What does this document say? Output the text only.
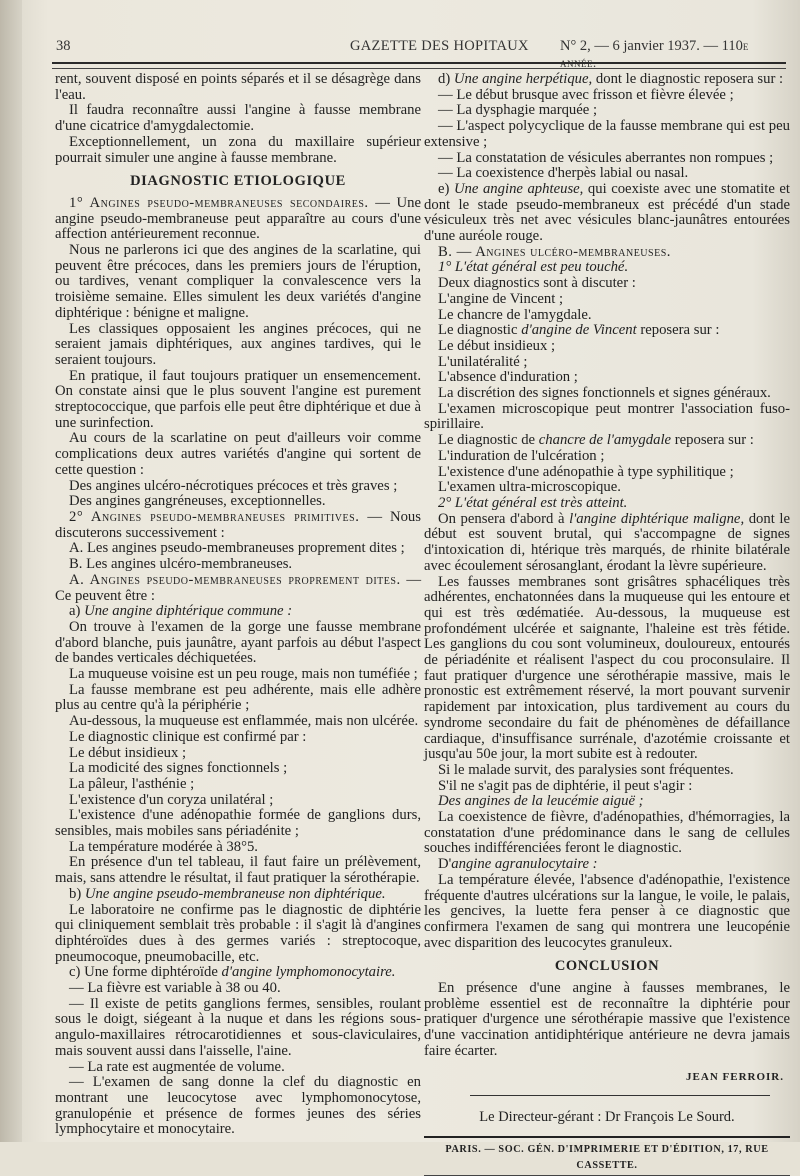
38	GAZETTE DES HOPITAUX N° 2, — 6 janvier 1937. — 110e année.

rent, souvent disposé en points séparés et il se désagrège dans l'eau.

Il faudra reconnaître aussi l'angine à fausse membrane d'une cicatrice d'amygdalectomie.

Exceptionnellement, un zona du maxillaire supérieur pourrait simuler une angine à fausse membrane.

DIAGNOSTIC ETIOLOGIQUE

1° Angines pseudo-membraneuses secondaires. — Une angine pseudo-membraneuse peut apparaître au cours d'une affection antérieurement reconnue.

Nous ne parlerons ici que des angines de la scarlatine, qui peuvent être précoces, dans les premiers jours de l'éruption, ou tardives, venant compliquer la convalescence vers la troisième semaine. Elles simulent les deux variétés d'angine diphtérique : bénigne et maligne.

Les classiques opposaient les angines précoces, qui ne seraient jamais diphtériques, aux angines tardives, qui le seraient toujours.

En pratique, il faut toujours pratiquer un ensemencement. On constate ainsi que le plus souvent l'angine est purement streptococcique, que parfois elle peut être diphtérique et due à une surinfection.

Au cours de la scarlatine on peut d'ailleurs voir comme complications deux autres variétés d'angine qui sortent de cette question :

Des angines ulcéro-nécrotiques précoces et très graves ;

Des angines gangréneuses, exceptionnelles.

2° Angines pseudo-membraneuses primitives. — Nous discuterons successivement :

A. Les angines pseudo-membraneuses proprement dites ;

B. Les angines ulcéro-membraneuses.

A. Angines pseudo-membraneuses proprement dites. — Ce peuvent être :

a) Une angine diphtérique commune :

On trouve à l'examen de la gorge une fausse membrane d'abord blanche, puis jaunâtre, ayant parfois au début l'aspect de bandes verticales déchiquetées.

La muqueuse voisine est un peu rouge, mais non tuméfiée ;

La fausse membrane est peu adhérente, mais elle adhère plus au centre qu'à la périphérie ;

Au-dessous, la muqueuse est enflammée, mais non ulcérée.

Le diagnostic clinique est confirmé par :

Le début insidieux ;

La modicité des signes fonctionnels ;

La pâleur, l'asthénie ;

L'existence d'un coryza unilatéral ;

L'existence d'une adénopathie formée de ganglions durs, sensibles, mais mobiles sans périadénite ;

La température modérée à 38°5.

En présence d'un tel tableau, il faut faire un prélèvement, mais, sans attendre le résultat, il faut pratiquer la sérothérapie.

b) Une angine pseudo-membraneuse non diphtérique.

Le laboratoire ne confirme pas le diagnostic de diphtérie qui cliniquement semblait très probable : il s'agit là d'angines diphtéroïdes dues à des germes variés : streptocoque, pneumocoque, pneumobacille, etc.

c) Une forme diphtéroïde d'angine lymphomonocytaire.

— La fièvre est variable à 38 ou 40.

— Il existe de petits ganglions fermes, sensibles, roulant sous le doigt, siégeant à la nuque et dans les régions sous-angulo-maxillaires rétrocarotidiennes et sous-claviculaires, mais souvent aussi dans l'aisselle, l'aine.

— La rate est augmentée de volume.

— L'examen de sang donne la clef du diagnostic en montrant une leucocytose avec lymphomonocytose, granulopénie et présence de formes jeunes des séries lymphocytaire et monocytaire.

d) Une angine herpétique, dont le diagnostic reposera sur :

— Le début brusque avec frisson et fièvre élevée ;

— La dysphagie marquée ;

— L'aspect polycyclique de la fausse membrane qui est peu extensive ;

— La constatation de vésicules aberrantes non rompues ;

— La coexistence d'herpès labial ou nasal.

e) Une angine aphteuse, qui coexiste avec une stomatite et dont le stade pseudo-membraneux est précédé d'un stade vésiculeux très net avec vésicules blanc-jaunâtres entourées d'une auréole rouge.

B. — Angines ulcéro-membraneuses.

1° L'état général est peu touché.

Deux diagnostics sont à discuter :

L'angine de Vincent ;

Le chancre de l'amygdale.

Le diagnostic d'angine de Vincent reposera sur :

Le début insidieux ;

L'unilatéralité ;

L'absence d'induration ;

La discrétion des signes fonctionnels et signes généraux.

L'examen microscopique peut montrer l'association fuso-spirillaire.

Le diagnostic de chancre de l'amygdale reposera sur :

L'induration de l'ulcération ;

L'existence d'une adénopathie à type syphilitique ;

L'examen ultra-microscopique.

2° L'état général est très atteint.

On pensera d'abord à l'angine diphtérique maligne, dont le début est souvent brutal, qui s'accompagne de signes d'intoxication di, htérique très marqués, de rhinite bilatérale avec écoulement sérosanglant, érodant la lèvre supérieure.

Les fausses membranes sont grisâtres sphacéliques très adhérentes, enchatonnées dans la muqueuse qui les entoure et qui est très œdématiée. Au-dessous, la muqueuse est profondément ulcérée et saignante, l'haleine est très fétide. Les ganglions du cou sont volumineux, douloureux, entourés de périadénite et réalisent l'aspect du cou proconsulaire. Il faut pratiquer d'urgence une sérothérapie massive, mais le pronostic est extrêmement réservé, la mort pouvant survenir rapidement par intoxication, plus tardivement au cours du syndrome secondaire du fait de phénomènes de défaillance cardiaque, d'insuffisance surrénale, d'azotémie croissante et jusqu'au 50e jour, la mort subite est à redouter.

Si le malade survit, des paralysies sont fréquentes.

S'il ne s'agit pas de diphtérie, il peut s'agir :

Des angines de la leucémie aiguë ;

La coexistence de fièvre, d'adénopathies, d'hémorragies, la constatation d'une prédominance dans le sang de cellules souches indifférenciées feront le diagnostic.

D'angine agranulocytaire :

La température élevée, l'absence d'adénopathie, l'existence fréquente d'autres ulcérations sur la langue, le voile, le palais, les gencives, la luette fera penser à ce diagnostic que confirmera l'examen de sang qui montrera une leucopénie avec disparition des leucocytes granuleux.

CONCLUSION

En présence d'une angine à fausses membranes, le problème essentiel est de reconnaître la diphtérie pour pratiquer d'urgence une sérothérapie massive que l'existence d'une vaccination antidiphtérique antérieure ne devra jamais faire écarter.

JEAN FERROIR.
Le Directeur-gérant : Dr François Le Sourd.
PARIS. — SOC. GÉN. D'IMPRIMERIE ET D'ÉDITION, 17, RUE CASSETTE.
